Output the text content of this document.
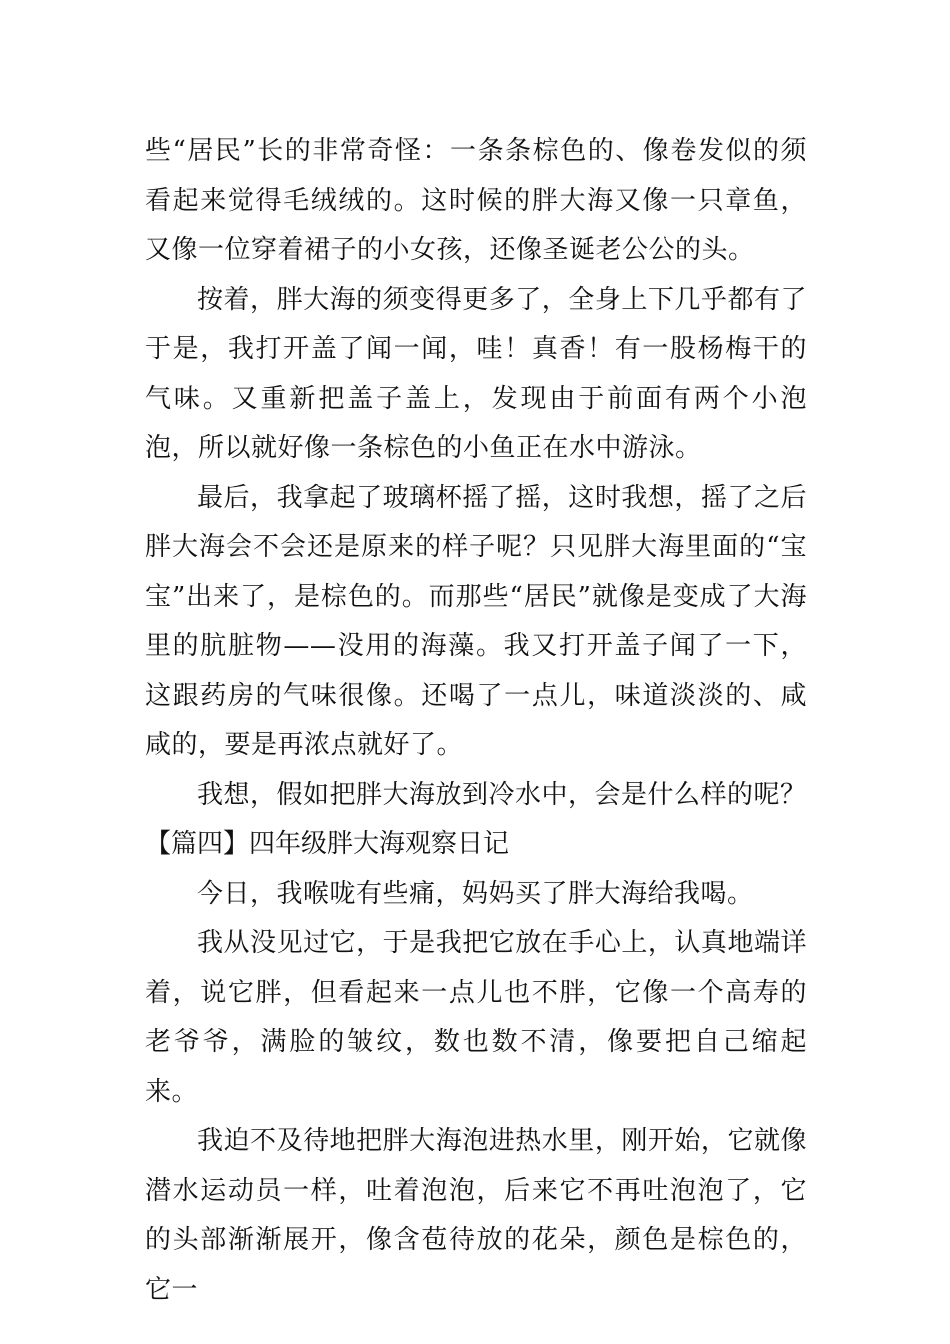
些“居民”长的非常奇怪：一条条棕色的、像卷发似的须看起来觉得毛绒绒的。这时候的胖大海又像一只章鱼，又像一位穿着裙子的小女孩，还像圣诞老公公的头。

按着，胖大海的须变得更多了，全身上下几乎都有了于是，我打开盖了闻一闻，哇！真香！有一股杨梅干的气味。又重新把盖子盖上，发现由于前面有两个小泡泡，所以就好像一条棕色的小鱼正在水中游泳。

最后，我拿起了玻璃杯摇了摇，这时我想，摇了之后胖大海会不会还是原来的样子呢？只见胖大海里面的“宝宝”出来了，是棕色的。而那些“居民”就像是变成了大海里的肮脏物——没用的海藻。我又打开盖子闻了一下，这跟药房的气味很像。还喝了一点儿，味道淡淡的、咸咸的，要是再浓点就好了。

我想，假如把胖大海放到冷水中，会是什么样的呢？

【篇四】四年级胖大海观察日记

今日，我喉咙有些痛，妈妈买了胖大海给我喝。

我从没见过它，于是我把它放在手心上，认真地端详着，说它胖，但看起来一点儿也不胖，它像一个高寿的老爷爷，满脸的皱纹，数也数不清，像要把自己缩起来。

我迫不及待地把胖大海泡进热水里，刚开始，它就像潜水运动员一样，吐着泡泡，后来它不再吐泡泡了，它的头部渐渐展开，像含苞待放的花朵，颜色是棕色的，它一
